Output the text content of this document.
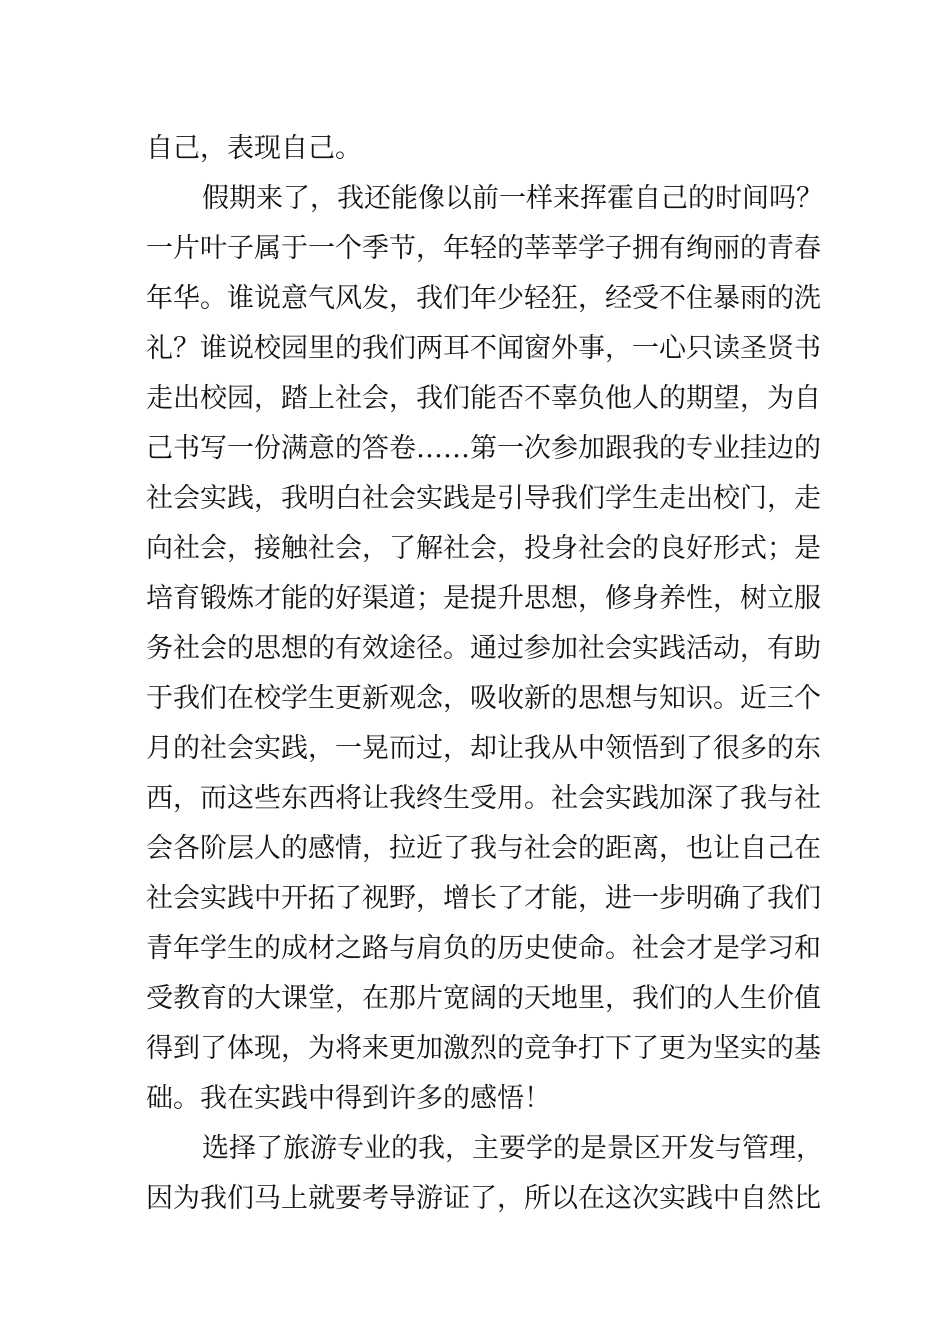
自己，表现自己。
假期来了，我还能像以前一样来挥霍自己的时间吗？
一片叶子属于一个季节，年轻的莘莘学子拥有绚丽的青春
年华。谁说意气风发，我们年少轻狂，经受不住暴雨的洗
礼？谁说校园里的我们两耳不闻窗外事，一心只读圣贤书
走出校园，踏上社会，我们能否不辜负他人的期望，为自
己书写一份满意的答卷……第一次参加跟我的专业挂边的
社会实践，我明白社会实践是引导我们学生走出校门，走
向社会，接触社会，了解社会，投身社会的良好形式；是
培育锻炼才能的好渠道；是提升思想，修身养性，树立服
务社会的思想的有效途径。通过参加社会实践活动，有助
于我们在校学生更新观念，吸收新的思想与知识。近三个
月的社会实践，一晃而过，却让我从中领悟到了很多的东
西，而这些东西将让我终生受用。社会实践加深了我与社
会各阶层人的感情，拉近了我与社会的距离，也让自己在
社会实践中开拓了视野，增长了才能，进一步明确了我们
青年学生的成材之路与肩负的历史使命。社会才是学习和
受教育的大课堂，在那片宽阔的天地里，我们的人生价值
得到了体现，为将来更加激烈的竞争打下了更为坚实的基
础。我在实践中得到许多的感悟！
选择了旅游专业的我，主要学的是景区开发与管理，
因为我们马上就要考导游证了，所以在这次实践中自然比
